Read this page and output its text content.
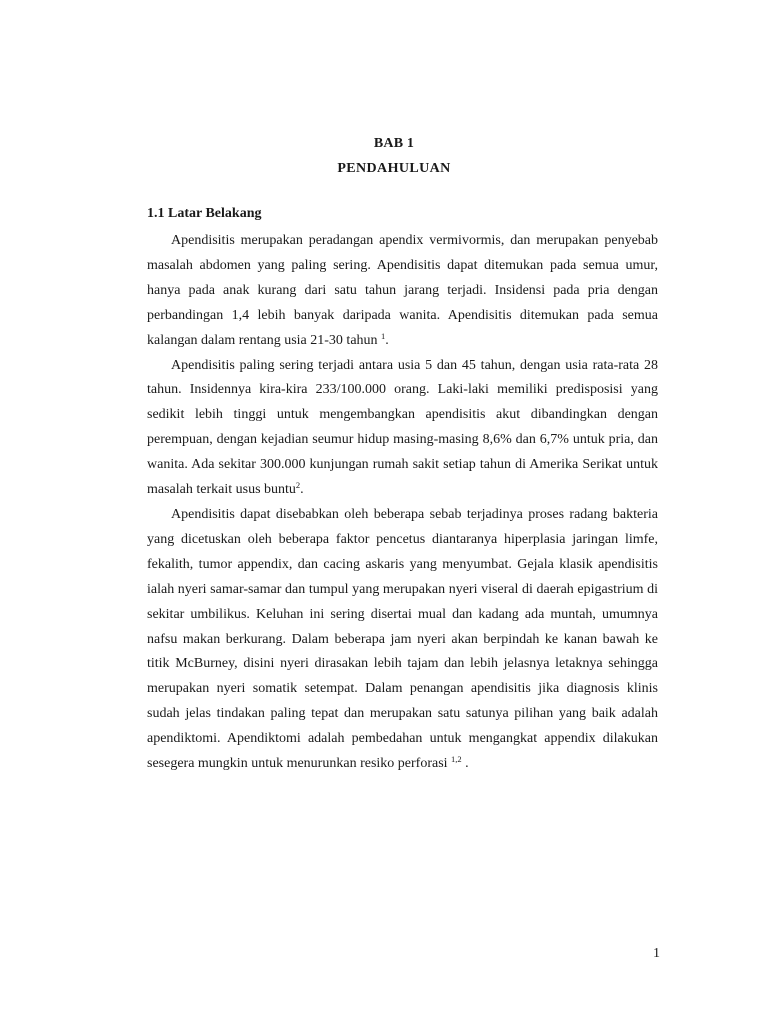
BAB 1
PENDAHULUAN
1.1 Latar Belakang

Apendisitis merupakan peradangan apendix vermivormis, dan merupakan penyebab masalah abdomen yang paling sering. Apendisitis dapat ditemukan pada semua umur, hanya pada anak kurang dari satu tahun jarang terjadi. Insidensi pada pria dengan perbandingan 1,4 lebih banyak daripada wanita. Apendisitis ditemukan pada semua kalangan dalam rentang usia 21-30 tahun $^1$.

Apendisitis paling sering terjadi antara usia 5 dan 45 tahun, dengan usia rata-rata 28 tahun. Insidennya kira-kira 233/100.000 orang. Laki-laki memiliki predisposisi yang sedikit lebih tinggi untuk mengembangkan apendisitis akut dibandingkan dengan perempuan, dengan kejadian seumur hidup masing-masing 8,6% dan 6,7% untuk pria, dan wanita. Ada sekitar 300.000 kunjungan rumah sakit setiap tahun di Amerika Serikat untuk masalah terkait usus buntu$^2$.

Apendisitis dapat disebabkan oleh beberapa sebab terjadinya proses radang bakteria yang dicetuskan oleh beberapa faktor pencetus diantaranya hiperplasia jaringan limfe, fekalith, tumor appendix, dan cacing askaris yang menyumbat. Gejala klasik apendisitis ialah nyeri samar-samar dan tumpul yang merupakan nyeri viseral di daerah epigastrium di sekitar umbilikus. Keluhan ini sering disertai mual dan kadang ada muntah, umumnya nafsu makan berkurang. Dalam beberapa jam nyeri akan berpindah ke kanan bawah ke titik McBurney, disini nyeri dirasakan lebih tajam dan lebih jelasnya letaknya sehingga merupakan nyeri somatik setempat. Dalam penangan apendisitis jika diagnosis klinis sudah jelas tindakan paling tepat dan merupakan satu satunya pilihan yang baik adalah apendiktomi. Apendiktomi adalah pembedahan untuk mengangkat appendix dilakukan sesegera mungkin untuk menurunkan resiko perforasi $^{1,2}$ .

1
